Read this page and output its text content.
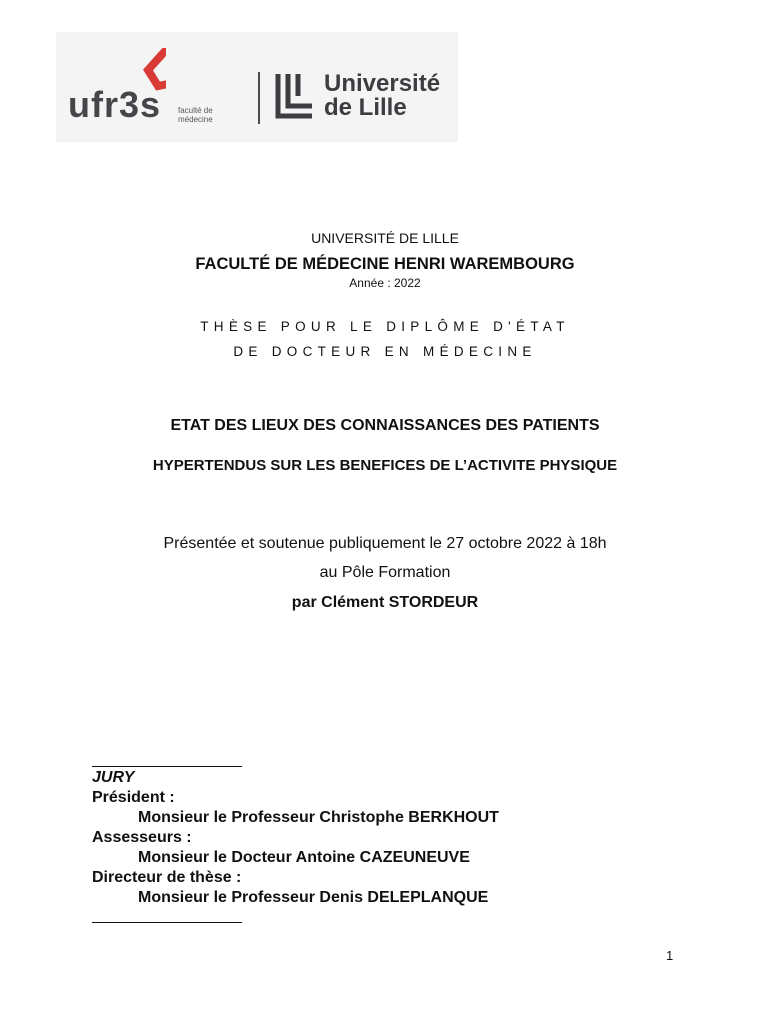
ufr3s faculté de médecine
Université
de Lille
UNIVERSITÉ DE LILLE
FACULTÉ DE MÉDECINE HENRI WAREMBOURG
Année : 2022
THÈSE POUR LE DIPLÔME D'ÉTAT
DE DOCTEUR EN MÉDECINE
ETAT DES LIEUX DES CONNAISSANCES DES PATIENTS
HYPERTENDUS SUR LES BENEFICES DE L’ACTIVITE PHYSIQUE
Présentée et soutenue publiquement le 27 octobre 2022 à 18h
au Pôle Formation
par Clément STORDEUR
JURY
Président :
Monsieur le Professeur Christophe BERKHOUT
Assesseurs :
Monsieur le Docteur Antoine CAZEUNEUVE
Directeur de thèse :
Monsieur le Professeur Denis DELEPLANQUE
1
